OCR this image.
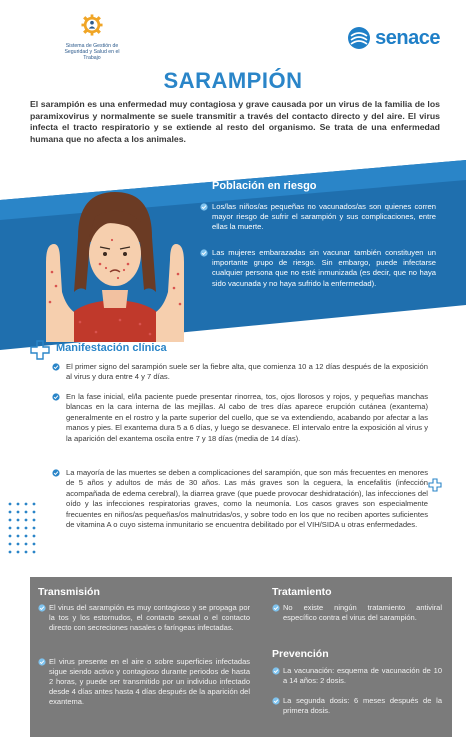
Sistema de Gestión de Seguridad y Salud en el Trabajo
senace
SARAMPIÓN
El sarampión es una enfermedad muy contagiosa y grave causada por un virus de la familia de los paramixovirus y normalmente se suele transmitir a través del contacto directo y del aire. El virus infecta el tracto respiratorio y se extiende al resto del organismo. Se trata de una enfermedad humana que no afecta a los animales.
Población en riesgo
Los/las niños/as pequeñas no vacunados/as son quienes corren mayor riesgo de sufrir el sarampión y sus complicaciones, entre ellas la muerte.
Las mujeres embarazadas sin vacunar también constituyen un importante grupo de riesgo. Sin embargo, puede infectarse cualquier persona que no esté inmunizada (es decir, que no haya sido vacunada y no haya sufrido la enfermedad).
Manifestación clínica
El primer signo del sarampión suele ser la fiebre alta, que comienza 10 a 12 días después de la exposición al virus y dura entre 4 y 7 días.
En la fase inicial, el/la paciente puede presentar rinorrea, tos, ojos llorosos y rojos, y pequeñas manchas blancas en la cara interna de las mejillas. Al cabo de tres días aparece erupción cutánea (exantema) generalmente en el rostro y la parte superior del cuello, que se va extendiendo, acabando por afectar a las manos y pies. El exantema dura 5 a 6 días, y luego se desvanece. El intervalo entre la exposición al virus y la aparición del exantema oscila entre 7 y 18 días (media de 14 días).
La mayoría de las muertes se deben a complicaciones del sarampión, que son más frecuentes en menores de 5 años y adultos de más de 30 años. Las más graves son la ceguera, la encefalitis (infección acompañada de edema cerebral), la diarrea grave (que puede provocar deshidratación), las infecciones del oído y las infecciones respiratorias graves, como la neumonía. Los casos graves son especialmente frecuentes en niños/as pequeñas/os malnutridas/os, y sobre todo en los que no reciben aportes suficientes de vitamina A o cuyo sistema inmunitario se encuentra debilitado por el VIH/SIDA u otras enfermedades.
Transmisión
El virus del sarampión es muy contagioso y se propaga por la tos y los estornudos, el contacto sexual o el contacto directo con secreciones nasales o faríngeas infectadas.
El virus presente en el aire o sobre superficies infectadas sigue siendo activo y contagioso durante periodos de hasta 2 horas, y puede ser transmitido por un individuo infectado desde 4 días antes hasta 4 días después de la aparición del exantema.
Tratamiento
No existe ningún tratamiento antiviral específico contra el virus del sarampión.
Prevención
La vacunación: esquema de vacunación de 10 a 14 años: 2 dosis.
La segunda dosis: 6 meses después de la primera dosis.
